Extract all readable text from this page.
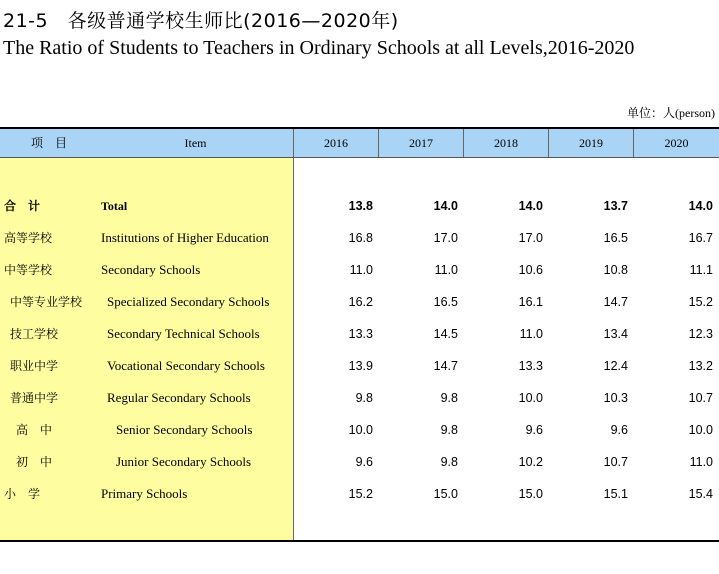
21-5　各级普通学校生师比(2016—2020年)
The Ratio of Students to Teachers in Ordinary Schools at all Levels,2016-2020
单位：人(person)
项　目	Item	2016	2017	2018	2019	2020
合　计	Total	13.8	14.0	14.0	13.7	14.0
高等学校	Institutions of Higher Education	16.8	17.0	17.0	16.5	16.7
中等学校	Secondary Schools	11.0	11.0	10.6	10.8	11.1
中等专业学校 Specialized Secondary Schools	16.2	16.5	16.1	14.7	15.2
技工学校	Secondary Technical Schools	13.3	14.5	11.0	13.4	12.3
职业中学	Vocational Secondary Schools	13.9	14.7	13.3	12.4	13.2
普通中学	Regular Secondary Schools	9.8	9.8	10.0	10.3	10.7
高　中	Senior Secondary Schools	10.0	9.8	9.6	9.6	10.0
初　中	Junior Secondary Schools	9.6	9.8	10.2	10.7	11.0
小　学	Primary Schools	15.2	15.0	15.0	15.1	15.4
